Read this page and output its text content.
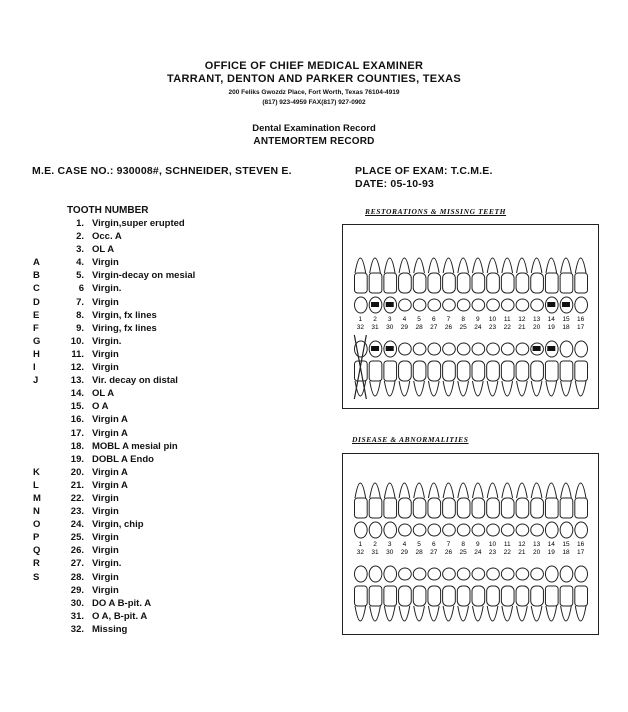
OFFICE OF CHIEF MEDICAL EXAMINER
TARRANT, DENTON AND PARKER COUNTIES, TEXAS
200 Feliks Gwozdz Place, Fort Worth, Texas 76104-4919
(817) 923-4959 FAX(817) 927-0902
Dental Examination Record
ANTEMORTEM RECORD
M.E. CASE NO.: 930008#, SCHNEIDER, STEVEN E.	PLACE OF EXAM: T.C.M.E.
DATE: 05-10-93
TOOTH NUMBER
1. Virgin,super erupted
2. Occ. A
3. OL A
A	4. Virgin
B	5. Virgin-decay on mesial
C	6 Virgin.
D	7. Virgin
E	8. Virgin, fx lines
F	9. Viring, fx lines
G	10. Virgin.
H	11. Virgin
I	12. Virgin
J	13. Vir. decay on distal
14. OL A
15. O A
16. Virgin A
17. Virgin A
18. MOBL A mesial pin
19. DOBL A Endo
K	20. Virgin A
L	21. Virgin A
M	22. Virgin
N	23. Virgin
O	24. Virgin, chip
P	25. Virgin
Q	26. Virgin
R	27. Virgin.
S	28. Virgin
29. Virgin
30. DO A B-pit. A
31. O A, B-pit. A
32. Missing
RESTORATIONS & MISSING TEETH
1 2 3 4 5 6 7 8 9 10 11 12 13 14 15 16
32 31 30 29 28 27 26 25 24 23 22 21 20 19 18 17
DISEASE & ABNORMALITIES
1 2 3 4 5 6 7 8 9 10 11 12 13 14 15 16
32 31 30 29 28 27 26 25 24 23 22 21 20 19 18 17
